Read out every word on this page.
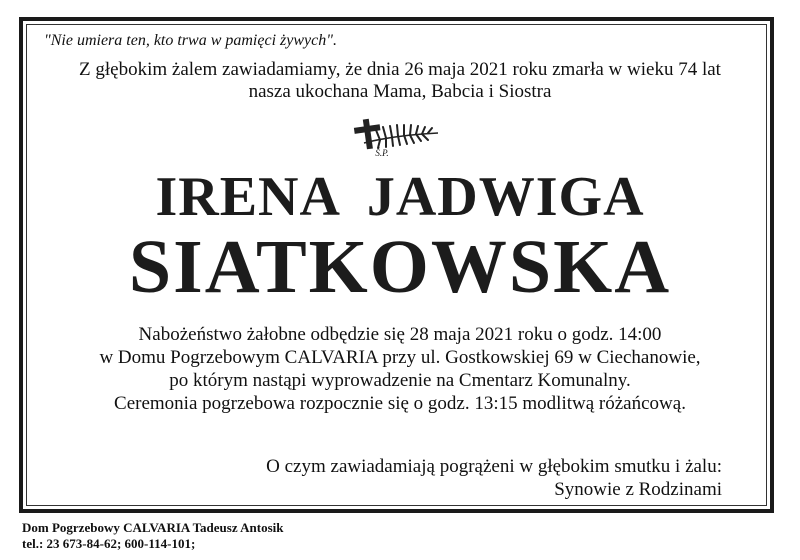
"Nie umiera ten, kto trwa w pamięci żywych".
Z głębokim żalem zawiadamiamy, że dnia 26 maja 2021 roku zmarła w wieku 74 lat
nasza ukochana Mama, Babcia i Siostra
Ś.P.
IRENA JADWIGA
SIATKOWSKA
Nabożeństwo żałobne odbędzie się 28 maja 2021 roku o godz. 14:00
w Domu Pogrzebowym CALVARIA przy ul. Gostkowskiej 69 w Ciechanowie,
po którym nastąpi wyprowadzenie na Cmentarz Komunalny.
Ceremonia pogrzebowa rozpocznie się o godz. 13:15 modlitwą różańcową.
O czym zawiadamiają pogrążeni w głębokim smutku i żalu:
Synowie z Rodzinami
Dom Pogrzebowy CALVARIA Tadeusz Antosik
tel.: 23 673-84-62; 600-114-101;
